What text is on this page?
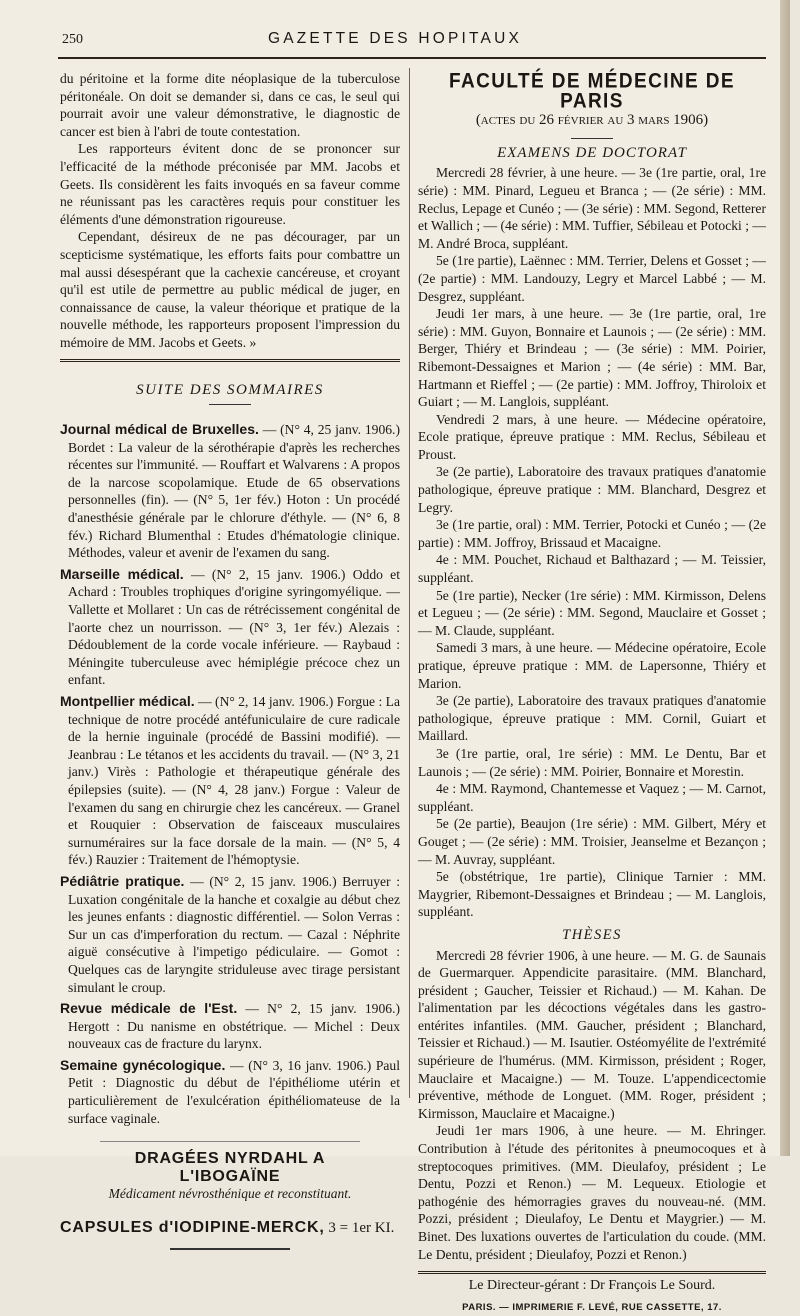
250	GAZETTE DES HOPITAUX

du péritoine et la forme dite néoplasique de la tuberculose péritonéale. On doit se demander si, dans ce cas, le seul qui pourrait avoir une valeur démonstrative, le diagnostic de cancer est bien à l'abri de toute contestation.

Les rapporteurs évitent donc de se prononcer sur l'efficacité de la méthode préconisée par MM. Jacobs et Geets. Ils considèrent les faits invoqués en sa faveur comme ne réunissant pas les caractères requis pour constituer les éléments d'une démonstration rigoureuse.

Cependant, désireux de ne pas décourager, par un scepticisme systématique, les efforts faits pour combattre un mal aussi désespérant que la cachexie cancéreuse, et croyant qu'il est utile de permettre au public médical de juger, en connaissance de cause, la valeur théorique et pratique de la nouvelle méthode, les rapporteurs proposent l'impression du mémoire de MM. Jacobs et Geets. »

SUITE DES SOMMAIRES

Journal médical de Bruxelles. — (N° 4, 25 janv. 1906.) Bordet : La valeur de la sérothérapie d'après les recherches récentes sur l'immunité. — Rouffart et Walvarens : A propos de la narcose scopolamique. Etude de 65 observations personnelles (fin). — (N° 5, 1er fév.) Hoton : Un procédé d'anesthésie générale par le chlorure d'éthyle. — (N° 6, 8 fév.) Richard Blumenthal : Etudes d'hématologie clinique. Méthodes, valeur et avenir de l'examen du sang.

Marseille médical. — (N° 2, 15 janv. 1906.) Oddo et Achard : Troubles trophiques d'origine syringomyélique. — Vallette et Mollaret : Un cas de rétrécissement congénital de l'aorte chez un nourrisson. — (N° 3, 1er fév.) Alezais : Dédoublement de la corde vocale inférieure. — Raybaud : Méningite tuberculeuse avec hémiplégie précoce chez un enfant.

Montpellier médical. — (N° 2, 14 janv. 1906.) Forgue : La technique de notre procédé antéfuniculaire de cure radicale de la hernie inguinale (procédé de Bassini modifié). — Jeanbrau : Le tétanos et les accidents du travail. — (N° 3, 21 janv.) Virès : Pathologie et thérapeutique générale des épilepsies (suite). — (N° 4, 28 janv.) Forgue : Valeur de l'examen du sang en chirurgie chez les cancéreux. — Granel et Rouquier : Observation de faisceaux musculaires surnuméraires sur la face dorsale de la main. — (N° 5, 4 fév.) Rauzier : Traitement de l'hémoptysie.

Pédiâtrie pratique. — (N° 2, 15 janv. 1906.) Berruyer : Luxation congénitale de la hanche et coxalgie au début chez les jeunes enfants : diagnostic différentiel. — Solon Verras : Sur un cas d'imperforation du rectum. — Cazal : Néphrite aiguë consécutive à l'impetigo pédiculaire. — Gomot : Quelques cas de laryngite striduleuse avec tirage persistant simulant le croup.

Revue médicale de l'Est. — N° 2, 15 janv. 1906.) Hergott : Du nanisme en obstétrique. — Michel : Deux nouveaux cas de fracture du larynx.

Semaine gynécologique. — (N° 3, 16 janv. 1906.) Paul Petit : Diagnostic du début de l'épithéliome utérin et particulièrement de l'exulcération épithéliomateuse de la surface vaginale.

DRAGÉES NYRDAHL A L'IBOGAÏNE
Médicament névrosthénique et reconstituant.
CAPSULES d'IODIPINE-MERCK, 3 = 1er KI.
FACULTÉ DE MÉDECINE DE PARIS
(actes du 26 février au 3 mars 1906)
EXAMENS DE DOCTORAT

Mercredi 28 février, à une heure. — 3e (1re partie, oral, 1re série) : MM. Pinard, Legueu et Branca ; — (2e série) : MM. Reclus, Lepage et Cunéo ; — (3e série) : MM. Segond, Retterer et Wallich ; — (4e série) : MM. Tuffier, Sébileau et Potocki ; — M. André Broca, suppléant.

5e (1re partie), Laënnec : MM. Terrier, Delens et Gosset ; — (2e partie) : MM. Landouzy, Legry et Marcel Labbé ; — M. Desgrez, suppléant.

Jeudi 1er mars, à une heure. — 3e (1re partie, oral, 1re série) : MM. Guyon, Bonnaire et Launois ; — (2e série) : MM. Berger, Thiéry et Brindeau ; — (3e série) : MM. Poirier, Ribemont-Dessaignes et Marion ; — (4e série) : MM. Bar, Hartmann et Rieffel ; — (2e partie) : MM. Joffroy, Thiroloix et Guiart ; — M. Langlois, suppléant.

Vendredi 2 mars, à une heure. — Médecine opératoire, Ecole pratique, épreuve pratique : MM. Reclus, Sébileau et Proust.

3e (2e partie), Laboratoire des travaux pratiques d'anatomie pathologique, épreuve pratique : MM. Blanchard, Desgrez et Legry.

3e (1re partie, oral) : MM. Terrier, Potocki et Cunéo ; — (2e partie) : MM. Joffroy, Brissaud et Macaigne.

4e : MM. Pouchet, Richaud et Balthazard ; — M. Teissier, suppléant.

5e (1re partie), Necker (1re série) : MM. Kirmisson, Delens et Legueu ; — (2e série) : MM. Segond, Mauclaire et Gosset ; — M. Claude, suppléant.

Samedi 3 mars, à une heure. — Médecine opératoire, Ecole pratique, épreuve pratique : MM. de Lapersonne, Thiéry et Marion.

3e (2e partie), Laboratoire des travaux pratiques d'anatomie pathologique, épreuve pratique : MM. Cornil, Guiart et Maillard.

3e (1re partie, oral, 1re série) : MM. Le Dentu, Bar et Launois ; — (2e série) : MM. Poirier, Bonnaire et Morestin.

4e : MM. Raymond, Chantemesse et Vaquez ; — M. Carnot, suppléant.

5e (2e partie), Beaujon (1re série) : MM. Gilbert, Méry et Gouget ; — (2e série) : MM. Troisier, Jeanselme et Bezançon ; — M. Auvray, suppléant.

5e (obstétrique, 1re partie), Clinique Tarnier : MM. Maygrier, Ribemont-Dessaignes et Brindeau ; — M. Langlois, suppléant.

THÈSES

Mercredi 28 février 1906, à une heure. — M. G. de Saunais de Guermarquer. Appendicite parasitaire. (MM. Blanchard, président ; Gaucher, Teissier et Richaud.) — M. Kahan. De l'alimentation par les décoctions végétales dans les gastro-entérites infantiles. (MM. Gaucher, président ; Blanchard, Teissier et Richaud.) — M. Isautier. Ostéomyélite de l'extrémité supérieure de l'humérus. (MM. Kirmisson, président ; Roger, Mauclaire et Macaigne.) — M. Touze. L'appendicectomie préventive, méthode de Longuet. (MM. Roger, président ; Kirmisson, Mauclaire et Macaigne.)

Jeudi 1er mars 1906, à une heure. — M. Ehringer. Contribution à l'étude des péritonites à pneumocoques et à streptocoques primitives. (MM. Dieulafoy, président ; Le Dentu, Pozzi et Renon.) — M. Lequeux. Etiologie et pathogénie des hémorragies graves du nouveau-né. (MM. Pozzi, président ; Dieulafoy, Le Dentu et Maygrier.) — M. Binet. Des luxations ouvertes de l'articulation du coude. (MM. Le Dentu, président ; Dieulafoy, Pozzi et Renon.)

Le Directeur-gérant : Dr François Le Sourd.
PARIS. — IMPRIMERIE F. LEVÉ, RUE CASSETTE, 17.
